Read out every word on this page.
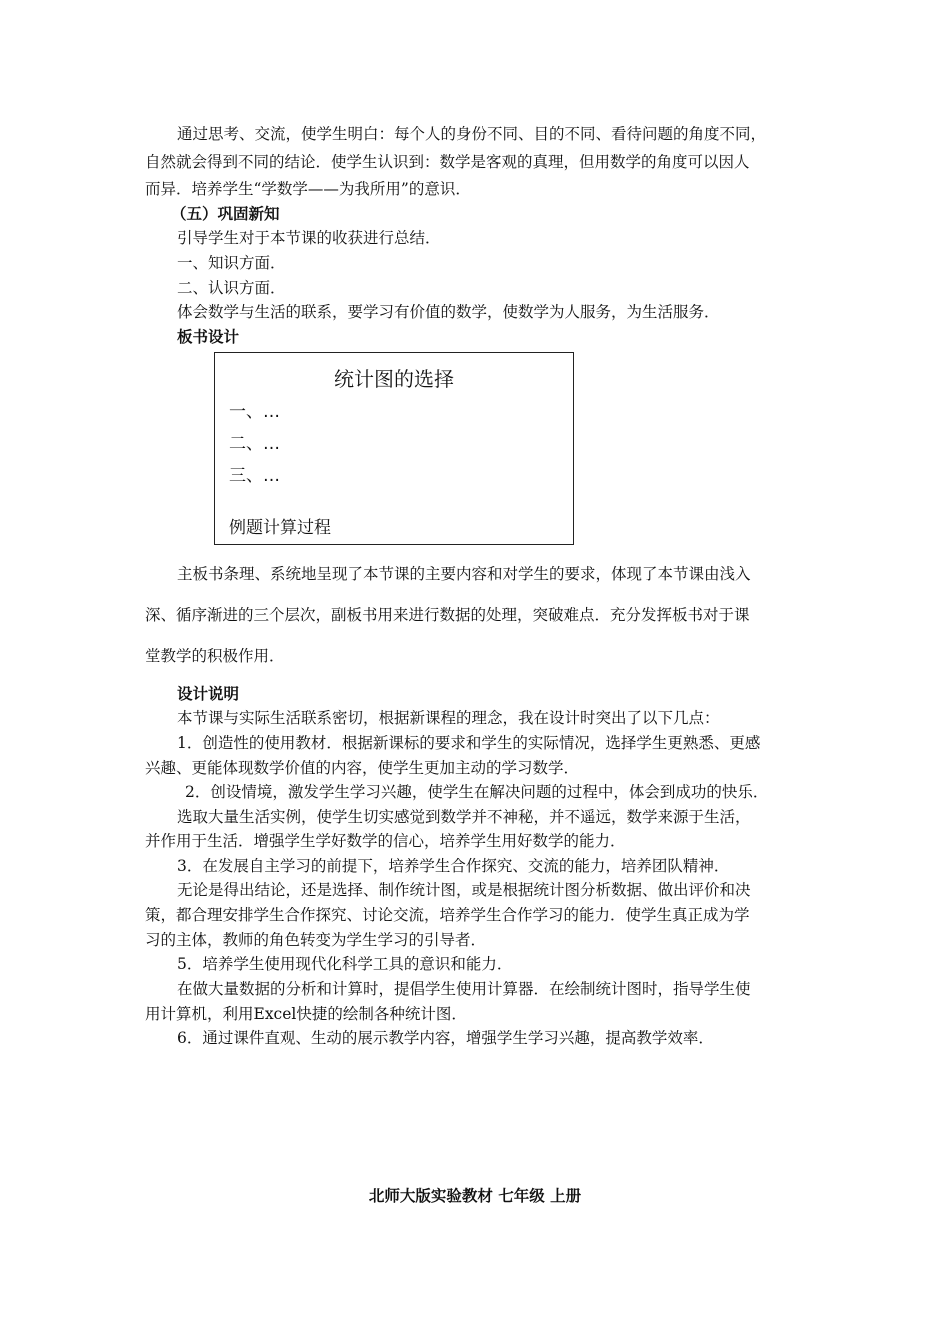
通过思考、交流，使学生明白：每个人的身份不同、目的不同、看待问题的角度不同，
自然就会得到不同的结论．使学生认识到：数学是客观的真理，但用数学的角度可以因人
而异．培养学生“学数学——为我所用”的意识．
（五）巩固新知
引导学生对于本节课的收获进行总结．
一、知识方面．
二、认识方面．
体会数学与生活的联系，要学习有价值的数学，使数学为人服务，为生活服务．
板书设计
统计图的选择
一、…
二、…
三、…
例题计算过程
主板书条理、系统地呈现了本节课的主要内容和对学生的要求，体现了本节课由浅入
深、循序渐进的三个层次，副板书用来进行数据的处理，突破难点．充分发挥板书对于课
堂教学的积极作用．
设计说明
本节课与实际生活联系密切，根据新课程的理念，我在设计时突出了以下几点：
1．创造性的使用教材．根据新课标的要求和学生的实际情况，选择学生更熟悉、更感
兴趣、更能体现数学价值的内容，使学生更加主动的学习数学．
2．创设情境，激发学生学习兴趣，使学生在解决问题的过程中，体会到成功的快乐．
选取大量生活实例，使学生切实感觉到数学并不神秘，并不遥远，数学来源于生活，
并作用于生活．增强学生学好数学的信心，培养学生用好数学的能力．
3．在发展自主学习的前提下，培养学生合作探究、交流的能力，培养团队精神．
无论是得出结论，还是选择、制作统计图，或是根据统计图分析数据、做出评价和决
策，都合理安排学生合作探究、讨论交流，培养学生合作学习的能力．使学生真正成为学
习的主体，教师的角色转变为学生学习的引导者．
5．培养学生使用现代化科学工具的意识和能力．
在做大量数据的分析和计算时，提倡学生使用计算器．在绘制统计图时，指导学生使
用计算机，利用Excel快捷的绘制各种统计图．
6．通过课件直观、生动的展示教学内容，增强学生学习兴趣，提高教学效率．
北师大版实验教材 七年级 上册
